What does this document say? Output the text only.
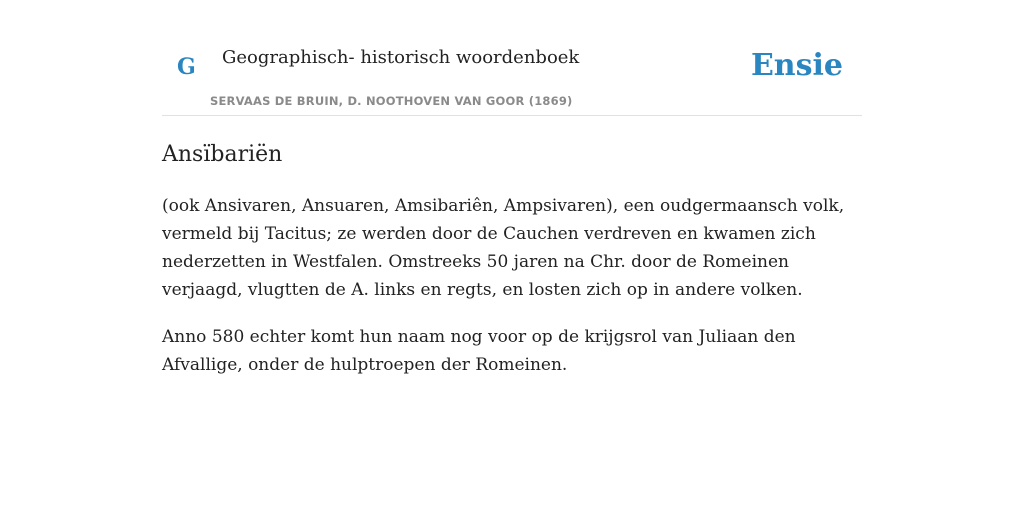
G Geographisch- historisch woordenboek
SERVAAS DE BRUIN, D. NOOTHOVEN VAN GOOR (1869)
Ensie
Ansïbariën

(ook Ansivaren, Ansuaren, Amsibariên, Ampsivaren), een oudgermaansch volk, vermeld bij Tacitus; ze werden door de Cauchen verdreven en kwamen zich nederzetten in Westfalen. Omstreeks 50 jaren na Chr. door de Romeinen verjaagd, vlugtten de A. links en regts, en losten zich op in andere volken.

Anno 580 echter komt hun naam nog voor op de krijgsrol van Juliaan den Afvallige, onder de hulptroepen der Romeinen.
